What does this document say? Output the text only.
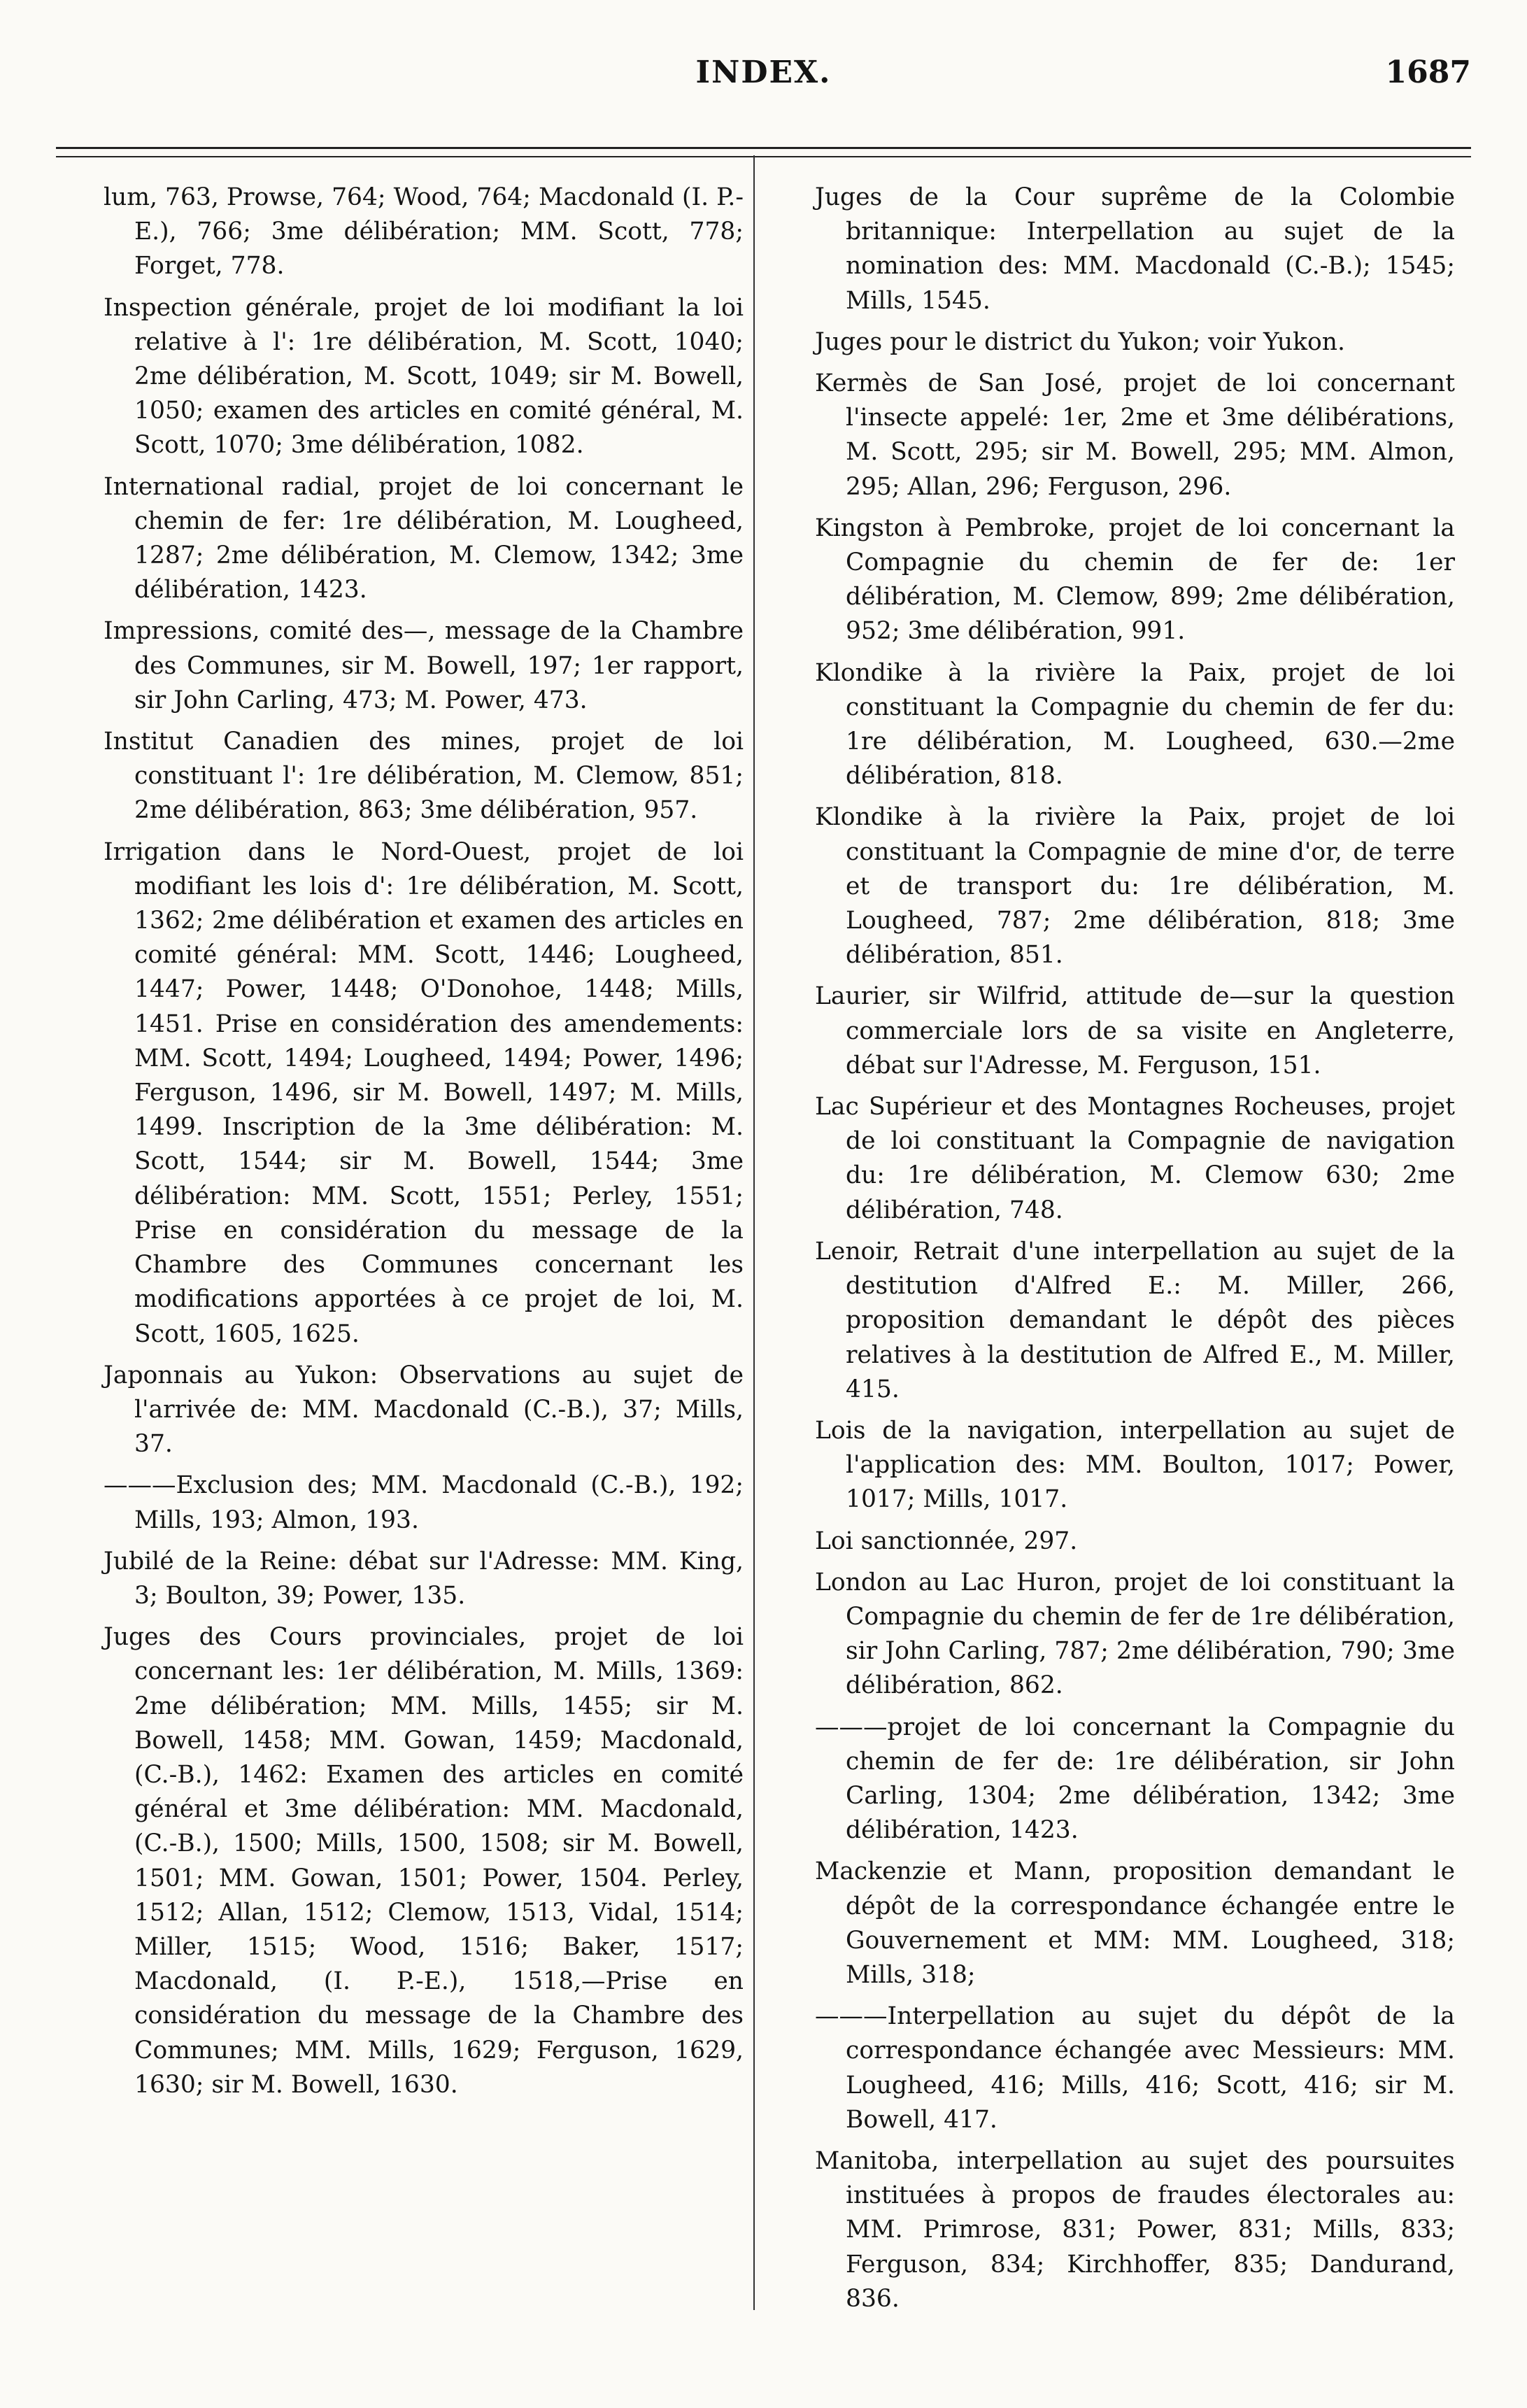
INDEX.	1687

lum, 763, Prowse, 764; Wood, 764; Macdonald (I. P.-E.), 766; 3me délibération; MM. Scott, 778; Forget, 778.

Inspection générale, projet de loi modifiant la loi relative à l': 1re délibération, M. Scott, 1040; 2me délibération, M. Scott, 1049; sir M. Bowell, 1050; examen des articles en comité général, M. Scott, 1070; 3me délibération, 1082.

International radial, projet de loi concernant le chemin de fer: 1re délibération, M. Lougheed, 1287; 2me délibération, M. Clemow, 1342; 3me délibération, 1423.

Impressions, comité des—, message de la Chambre des Communes, sir M. Bowell, 197; 1er rapport, sir John Carling, 473; M. Power, 473.

Institut Canadien des mines, projet de loi constituant l': 1re délibération, M. Clemow, 851; 2me délibération, 863; 3me délibération, 957.

Irrigation dans le Nord-Ouest, projet de loi modifiant les lois d': 1re délibération, M. Scott, 1362; 2me délibération et examen des articles en comité général: MM. Scott, 1446; Lougheed, 1447; Power, 1448; O'Donohoe, 1448; Mills, 1451. Prise en considération des amendements: MM. Scott, 1494; Lougheed, 1494; Power, 1496; Ferguson, 1496, sir M. Bowell, 1497; M. Mills, 1499. Inscription de la 3me délibération: M. Scott, 1544; sir M. Bowell, 1544; 3me délibération: MM. Scott, 1551; Perley, 1551; Prise en considération du message de la Chambre des Communes concernant les modifications apportées à ce projet de loi, M. Scott, 1605, 1625.

Japonnais au Yukon: Observations au sujet de l'arrivée de: MM. Macdonald (C.-B.), 37; Mills, 37.

———Exclusion des; MM. Macdonald (C.-B.), 192; Mills, 193; Almon, 193.

Jubilé de la Reine: débat sur l'Adresse: MM. King, 3; Boulton, 39; Power, 135.

Juges des Cours provinciales, projet de loi concernant les: 1er délibération, M. Mills, 1369: 2me délibération; MM. Mills, 1455; sir M. Bowell, 1458; MM. Gowan, 1459; Macdonald, (C.-B.), 1462: Examen des articles en comité général et 3me délibération: MM. Macdonald, (C.-B.), 1500; Mills, 1500, 1508; sir M. Bowell, 1501; MM. Gowan, 1501; Power, 1504. Perley, 1512; Allan, 1512; Clemow, 1513, Vidal, 1514; Miller, 1515; Wood, 1516; Baker, 1517; Macdonald, (I. P.-E.), 1518,—Prise en considération du message de la Chambre des Communes; MM. Mills, 1629; Ferguson, 1629, 1630; sir M. Bowell, 1630.

Juges de la Cour suprême de la Colombie britannique: Interpellation au sujet de la nomination des: MM. Macdonald (C.-B.); 1545; Mills, 1545.

Juges pour le district du Yukon; voir Yukon.

Kermès de San José, projet de loi concernant l'insecte appelé: 1er, 2me et 3me délibérations, M. Scott, 295; sir M. Bowell, 295; MM. Almon, 295; Allan, 296; Ferguson, 296.

Kingston à Pembroke, projet de loi concernant la Compagnie du chemin de fer de: 1er délibération, M. Clemow, 899; 2me délibération, 952; 3me délibération, 991.

Klondike à la rivière la Paix, projet de loi constituant la Compagnie du chemin de fer du: 1re délibération, M. Lougheed, 630.—2me délibération, 818.

Klondike à la rivière la Paix, projet de loi constituant la Compagnie de mine d'or, de terre et de transport du: 1re délibération, M. Lougheed, 787; 2me délibération, 818; 3me délibération, 851.

Laurier, sir Wilfrid, attitude de—sur la question commerciale lors de sa visite en Angleterre, débat sur l'Adresse, M. Ferguson, 151.

Lac Supérieur et des Montagnes Rocheuses, projet de loi constituant la Compagnie de navigation du: 1re délibération, M. Clemow 630; 2me délibération, 748.

Lenoir, Retrait d'une interpellation au sujet de la destitution d'Alfred E.: M. Miller, 266, proposition demandant le dépôt des pièces relatives à la destitution de Alfred E., M. Miller, 415.

Lois de la navigation, interpellation au sujet de l'application des: MM. Boulton, 1017; Power, 1017; Mills, 1017.

Loi sanctionnée, 297.

London au Lac Huron, projet de loi constituant la Compagnie du chemin de fer de 1re délibération, sir John Carling, 787; 2me délibération, 790; 3me délibération, 862.

———projet de loi concernant la Compagnie du chemin de fer de: 1re délibération, sir John Carling, 1304; 2me délibération, 1342; 3me délibération, 1423.

Mackenzie et Mann, proposition demandant le dépôt de la correspondance échangée entre le Gouvernement et MM: MM. Lougheed, 318; Mills, 318;

———Interpellation au sujet du dépôt de la correspondance échangée avec Messieurs: MM. Lougheed, 416; Mills, 416; Scott, 416; sir M. Bowell, 417.

Manitoba, interpellation au sujet des poursuites instituées à propos de fraudes électorales au: MM. Primrose, 831; Power, 831; Mills, 833; Ferguson, 834; Kirchhoffer, 835; Dandurand, 836.
